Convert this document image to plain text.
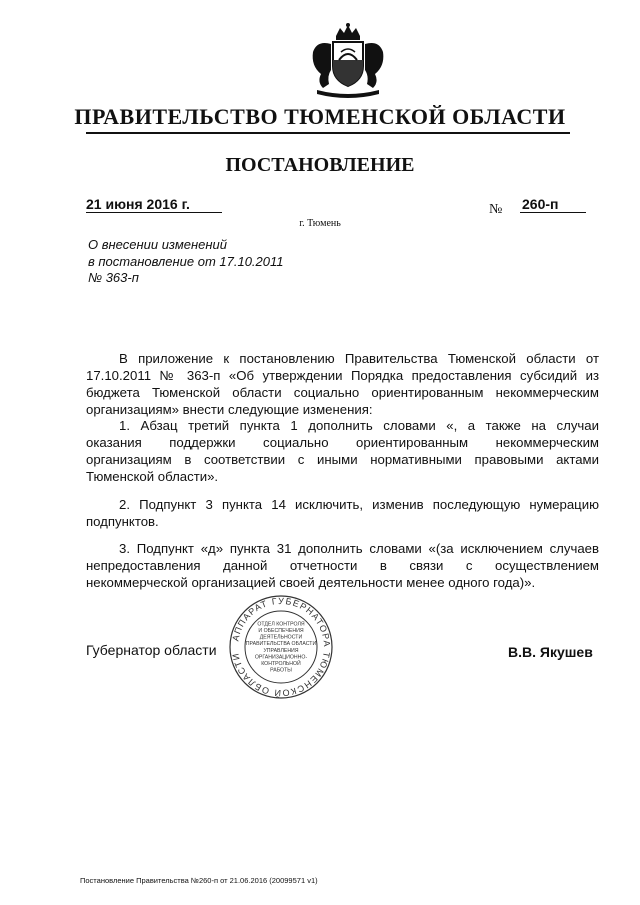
ПРАВИТЕЛЬСТВО ТЮМЕНСКОЙ ОБЛАСТИ
ПОСТАНОВЛЕНИЕ
21 июня 2016 г.	№ 260-п
г. Тюмень
О внесении изменений
в постановление от 17.10.2011
№ 363-п
В приложение к постановлению Правительства Тюменской области от
17.10.2011 № 363-п «Об утверждении Порядка предоставления субсидий из
бюджета Тюменской области социально ориентированным некоммерческим
организациям» внести следующие изменения:
1. Абзац третий пункта 1 дополнить словами «, а также на случаи
оказания поддержки социально ориентированным некоммерческим
организациям в соответствии с иными нормативными правовыми актами
Тюменской области».
2. Подпункт 3 пункта 14 исключить, изменив последующую нумерацию
подпунктов.
3. Подпункт «д» пункта 31 дополнить словами «(за исключением случаев
непредоставления данной отчетности в связи с осуществлением
некоммерческой организацией своей деятельности менее одного года)».
Губернатор области	В.В. Якушев
АППАРАТ ГУБЕРНАТОРА ТЮМЕНСКОЙ ОБЛАСТИ
ОТДЕЛ КОНТРОЛЯ
И ОБЕСПЕЧЕНИЯ
ДЕЯТЕЛЬНОСТИ
ПРАВИТЕЛЬСТВА ОБЛАСТИ
УПРАВЛЕНИЯ
ОРГАНИЗАЦИОННО-
КОНТРОЛЬНОЙ
РАБОТЫ
Постановление Правительства №260-п от 21.06.2016 (20099571 v1)
